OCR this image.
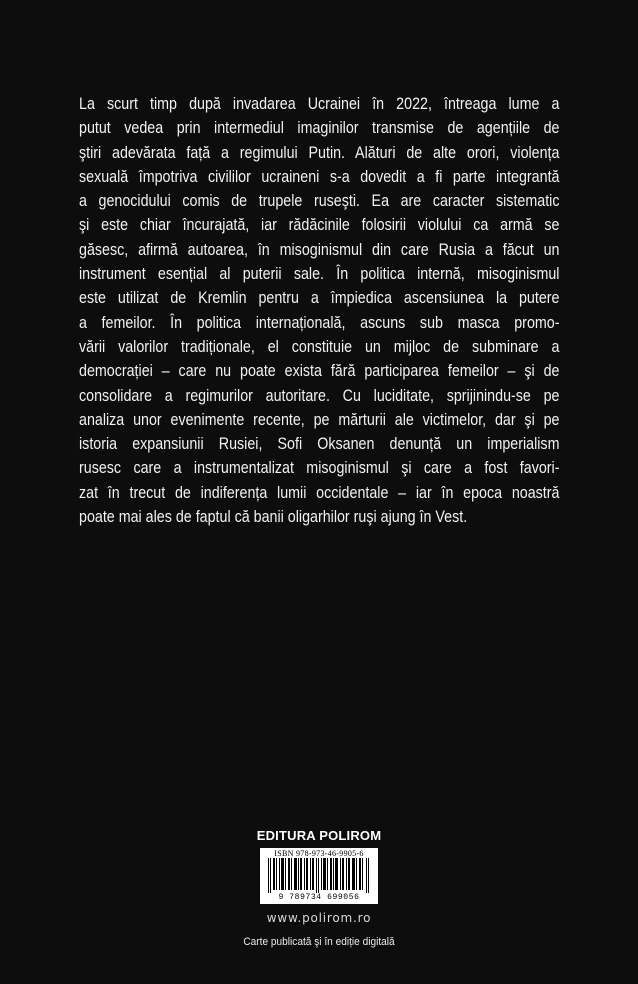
La scurt timp după invadarea Ucrainei în 2022, întreaga lume a
putut vedea prin intermediul imaginilor transmise de agențiile de
ştiri adevărata față a regimului Putin. Alături de alte orori, violența
sexuală împotriva civililor ucraineni s-a dovedit a fi parte integrantă
a genocidului comis de trupele ruseşti. Ea are caracter sistematic
şi este chiar încurajată, iar rădăcinile folosirii violului ca armă se
găsesc, afirmă autoarea, în misoginismul din care Rusia a făcut un
instrument esențial al puterii sale. În politica internă, misoginismul
este utilizat de Kremlin pentru a împiedica ascensiunea la putere
a femeilor. În politica internațională, ascuns sub masca promo-
vării valorilor tradiționale, el constituie un mijloc de subminare a
democrației – care nu poate exista fără participarea femeilor – şi de
consolidare a regimurilor autoritare. Cu luciditate, sprijinindu-se pe
analiza unor evenimente recente, pe mărturii ale victimelor, dar şi pe
istoria expansiunii Rusiei, Sofi Oksanen denunță un imperialism
rusesc care a instrumentalizat misoginismul şi care a fost favori-
zat în trecut de indiferența lumii occidentale – iar în epoca noastră
poate mai ales de faptul că banii oligarhilor ruşi ajung în Vest.
EDITURA POLIROM
ISBN 978-973-46-9905-6
9 789734 699056
www.polirom.ro
Carte publicată şi în ediție digitală
